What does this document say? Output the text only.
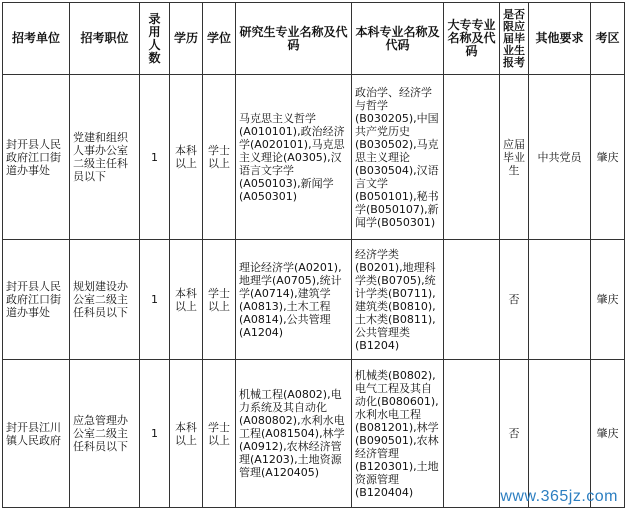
招考单位	招考职位	录用人数	学历	学位	研究生专业名称及代码	本科专业名称及代码	大专专业名称及代码	是否限应届毕业生报考	其他要求	考区
封开县人民政府江口街道办事处	党建和组织人事办公室二级主任科员以下	1	本科以上	学士以上	马克思主义哲学(A010101),政治经济学(A020101),马克思主义理论(A0305),汉语言文字学(A050103),新闻学(A050301)	政治学、经济学与哲学(B030205),中国共产党历史(B030502),马克思主义理论(B030504),汉语言文学(B050101),秘书学(B050107),新闻学(B050301)		应届毕业生	中共党员	肇庆
封开县人民政府江口街道办事处	规划建设办公室二级主任科员以下	1	本科以上	学士以上	理论经济学(A0201),地理学(A0705),统计学(A0714),建筑学(A0813),土木工程(A0814),公共管理(A1204)	经济学类(B0201),地理科学类(B0705),统计学类(B0711),建筑类(B0810),土木类(B0811),公共管理类(B1204)		否		肇庆
封开县江川镇人民政府	应急管理办公室二级主任科员以下	1	本科以上	学士以上	机械工程(A0802),电力系统及其自动化(A080802),水利水电工程(A081504),林学(A0912),农林经济管理(A1203),土地资源管理(A120405)	机械类(B0802),电气工程及其自动化(B080601),水利水电工程(B081201),林学(B090501),农林经济管理(B120301),土地资源管理(B120404)		否		肇庆
www.365jz.com
